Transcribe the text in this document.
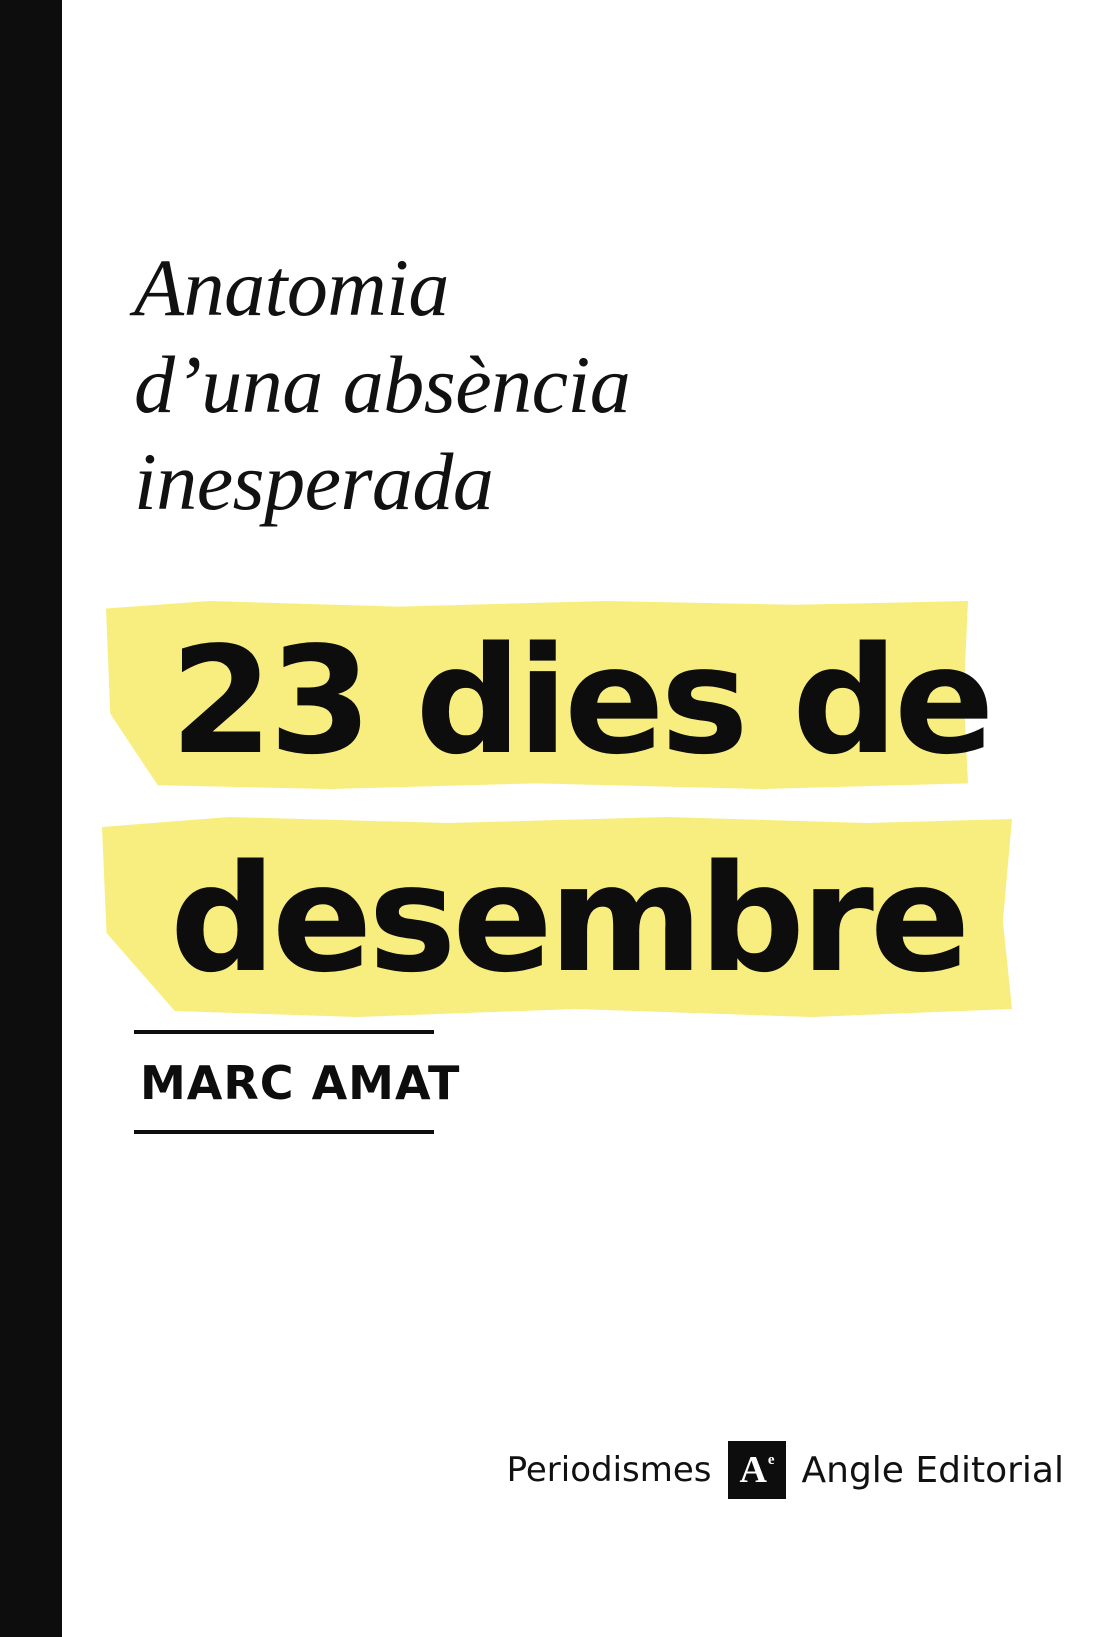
Anatomia
d’una absència
inesperada
23 dies de
desembre
MARC AMAT
Periodismes $A^e$ Angle Editorial
